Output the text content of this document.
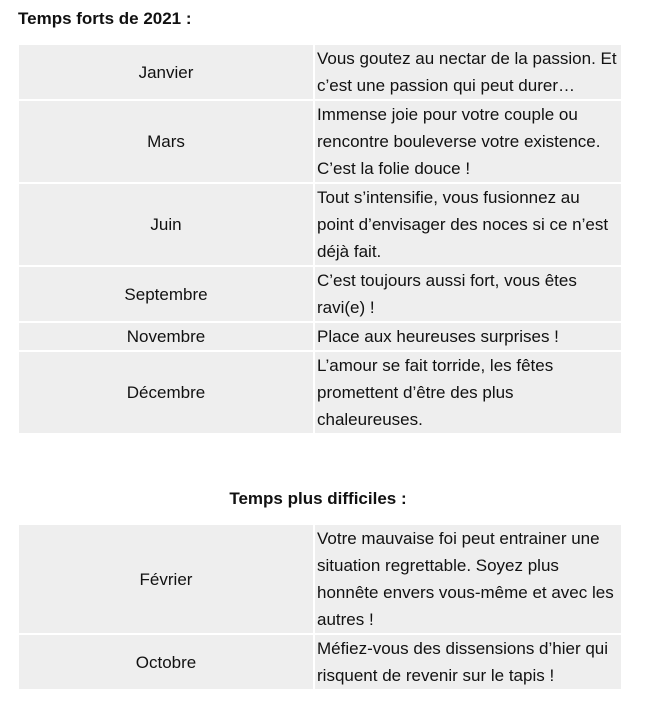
Temps forts de 2021 :

Janvier	Vous goutez au nectar de la passion. Et c’est une passion qui peut durer…
Mars	Immense joie pour votre couple ou rencontre bouleverse votre existence. C’est la folie douce !
Juin	Tout s’intensifie, vous fusionnez au point d’envisager des noces si ce n’est déjà fait.
Septembre	C’est toujours aussi fort, vous êtes ravi(e) !
Novembre	Place aux heureuses surprises !
Décembre	L’amour se fait torride, les fêtes promettent d’être des plus chaleureuses.

Temps plus difficiles :

Février	Votre mauvaise foi peut entrainer une situation regrettable. Soyez plus honnête envers vous-même et avec les autres !
Octobre	Méfiez-vous des dissensions d’hier qui risquent de revenir sur le tapis !
